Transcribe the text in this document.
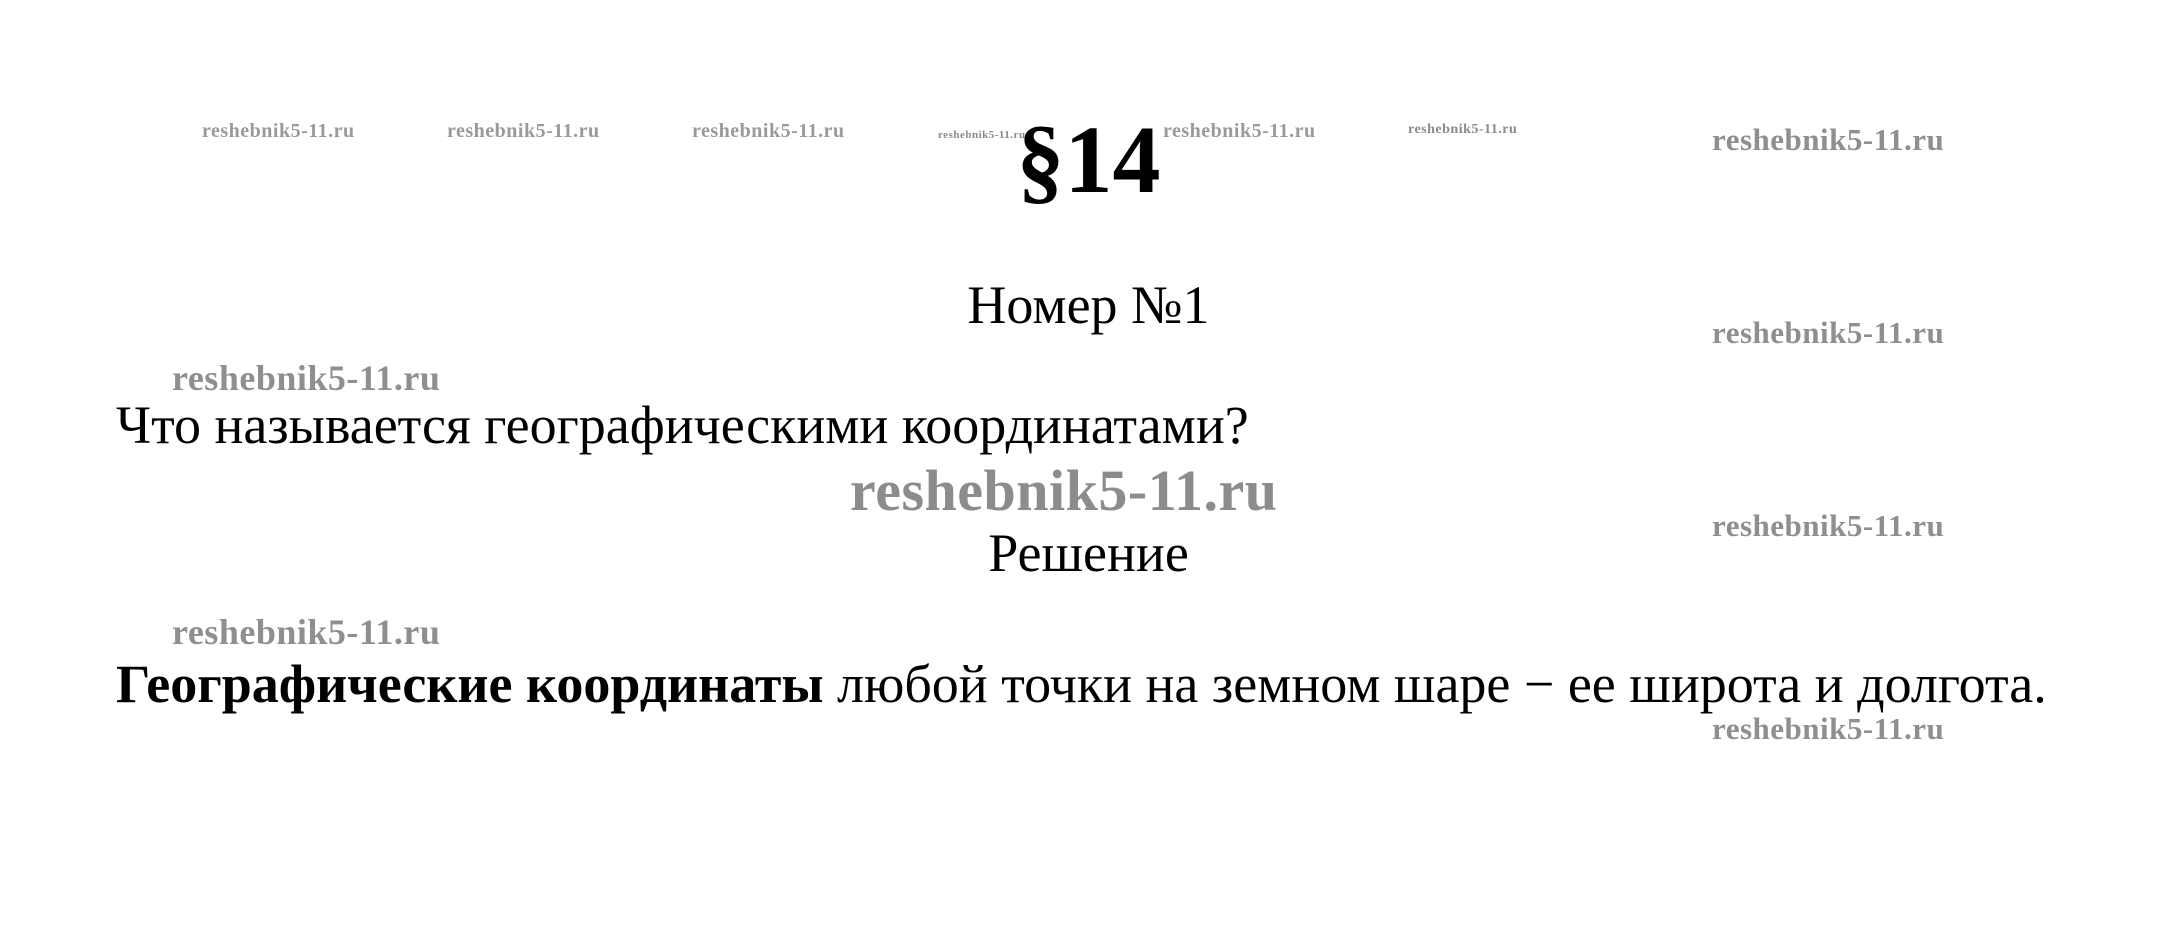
reshebnik5-11.ru	reshebnik5-11.ru	reshebnik5-11.ru	reshebnik5-11.ru	reshebnik5-11.ru	reshebnik5-11.ru	reshebnik5-11.ru
reshebnik5-11.ru
reshebnik5-11.ru
reshebnik5-11.ru
reshebnik5-11.ru
reshebnik5-11.ru
reshebnik5-11.ru
§14
Номер №1
Что называется географическими координатами?
Решение
Географические координаты любой точки на земном шаре − ее широта и долгота.
